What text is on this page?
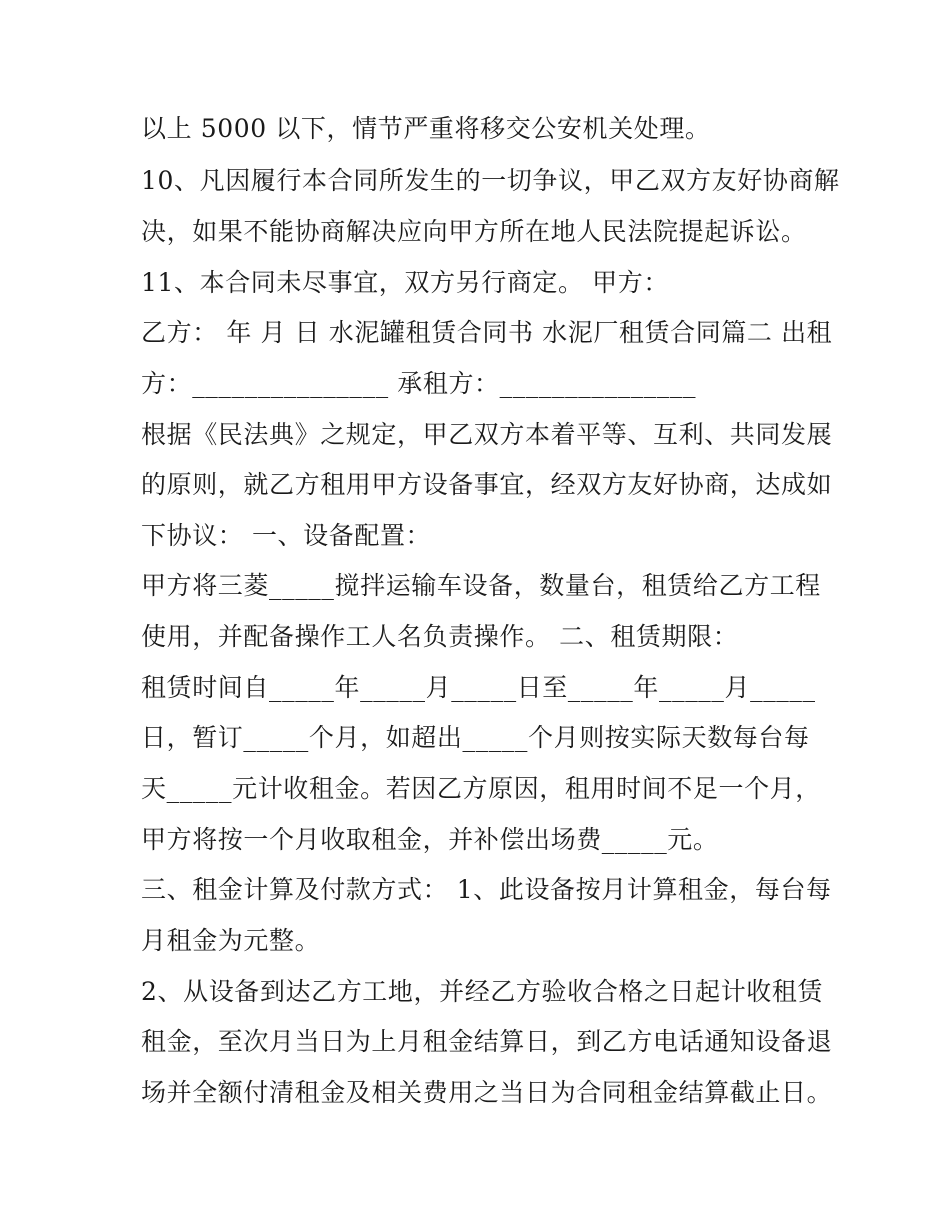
以上 5000 以下，情节严重将移交公安机关处理。
10、凡因履行本合同所发生的一切争议，甲乙双方友好协商解
决，如果不能协商解决应向甲方所在地人民法院提起诉讼。
11、本合同未尽事宜，双方另行商定。 甲方：
乙方： 年 月 日 水泥罐租赁合同书 水泥厂租赁合同篇二 出租
方：_______________ 承租方：_______________
根据《民法典》之规定，甲乙双方本着平等、互利、共同发展
的原则，就乙方租用甲方设备事宜，经双方友好协商，达成如
下协议： 一、设备配置：
甲方将三菱_____搅拌运输车设备，数量台，租赁给乙方工程
使用，并配备操作工人名负责操作。 二、租赁期限：
租赁时间自_____年_____月_____日至_____年_____月_____
日，暂订_____个月，如超出_____个月则按实际天数每台每
天_____元计收租金。若因乙方原因，租用时间不足一个月，
甲方将按一个月收取租金，并补偿出场费_____元。
三、租金计算及付款方式： 1、此设备按月计算租金，每台每
月租金为元整。
2、从设备到达乙方工地，并经乙方验收合格之日起计收租赁
租金，至次月当日为上月租金结算日，到乙方电话通知设备退
场并全额付清租金及相关费用之当日为合同租金结算截止日。
